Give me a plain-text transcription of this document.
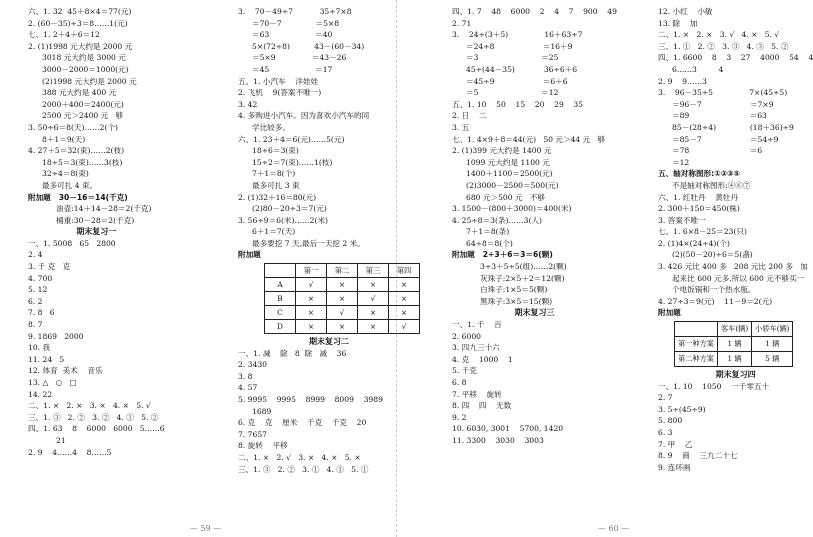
六、1. 32  45＋8×4＝77(元)
2. (60－35)÷3＝8……1(元)
七、1. 2＋4＋6＝12
2. (1)1998 元大约是 2000 元
3018 元大约是 3000 元
3000－2000＝1000(元)
(2)1998 元大约是 2000 元
388 元大约是 400 元
2000＋400＝2400(元)
2500 元＞2400 元   够
3. 50÷6＝8(天)……2(个)
8＋1＝9(天)
4. 27＋5＝32(束)……2(枝)
18÷5＝3(束)……3(枝)
32÷4＝8(束)
最多可扎 4 束。
附加题   30－16＝14(千克)
油壶:14＋14－28＝2(千克)
桶重:30－28＝2(千克)
期末复习一
一、1. 5008   65   2800
2. 4
3. 千 克   克
4. 700
5. 12
6. 2
7. 8   6
8. 7
9. 1869   2000
10. 我
11. 24   5
12. 体育  美术    音乐
13. △   ○   □
14. 22
二、1. ×   2. ×   3. ×   4. ×   5. √
三、1. ③   2. ②   3. ②   4. ①   5. ②
四、1. 63    8    6000   6000   5……6
21
2. 9    4……4    8……5
3.    70－49÷7           35÷7×8
＝70－7              ＝5×8
＝63                   ＝40
5×(72÷8)          43－(60－34)
＝5×9               ＝43－26
＝45                   ＝17
五、1. 小汽车    洋娃娃
2. 飞机    9(答案不唯一)
3. 42
4. 多购进小汽车。因为喜欢小汽车的同
学比较多。
六、1. 23＋4＝6(元)……5(元)
18÷6＝3(束)
15÷2＝7(束)……1(枝)
7＋1＝8(个)
最多可扎 3 束
2. (1)32＋16＝80(元)
(2)80－20÷3＝7(元)
3. 56÷9＝6(米)……2(米)
6＋1＝7(天)
最多要挖 7 天,最后一天挖 2 米。
附加题
	第一	第二	第三	第四
A	√	×	×	×
B	×	×	√	×
C	×	√	×	×
D	×	×	×	√
期末复习二
一、1. 减    除   8  除   减    36
2. 3430
3. 8
4. 57
5. 9995    9995    8999    8009    3989
1689
6. 克    克    厘米    千克    千克    20
7. 7657
8. 旋转    平移
二、1. ×   2. √   3. ×   4. ×   5. ×
三、1. ③   2. ②   3. ①   4. ①   5. ①
四、1. 7    48    6000    2    4    7    900    49
2. 71
3.    24÷(3＋5)               16＋63÷7
＝24÷8                    ＝16＋9
＝3                          ＝25
45÷(44－35)            36÷6＋6
＝45÷9                    ＝6＋6
＝5                          ＝12
五、1. 10    50    15    20    29    35
2. 日    二
3. 五
七、1. 4×9＋8＝44(元)   50 元＞44 元   够
2. (1)399 元大约是 1400 元
1099 元大约是 1100 元
1400＋1100＝2500(元)
(2)3000－2500＝500(元)
680 元＞500 元   不够
3. 1500－(800＋3000)＝400(米)
4. 25÷8＝3(条)……3(人)
7＋1＝8(条)
64÷8＝8(个)
附加题   2÷3＋6＝3＝6(颗)
3÷3＋5÷5(组)……2(颗)
灰珠子:2×5＋2＝12(颗)
白珠子:1×5＝5(颗)
黑珠子:3×5＝15(颗)
期末复习三
一、1. 千    百
2. 6000
3. 四九三十六
4. 克    1000    1
5. 千克
6. 8
7. 平移    旋转
8. 四    四    无数
9. 2
10. 6030, 3001    5700, 1420
11. 3300    3030    3003
12. 小红    小敏
13. 除    加
二、1. ×   2. ×   3. √   4. ×   5. √
三、1. ①   2. ②   3. ③   4. ③   5. ②
四、1. 6600    8    3    27    4000    54    4
6……3         4
2. 9    9……3
3.    96－35÷5               7×(45÷5)
＝96－7                    ＝7×9
＝89                         ＝63
85－(28÷4)              (18＋36)÷9
＝85－7                    ＝54÷9
＝78                         ＝6
＝12
五、轴对称图形:①②③⑤
不是轴对称图形:④⑥⑦
六、1. 红牡丹    黄牡丹
2. 300＋150＝450(株)
3. 答案不唯一
七、1. 6×8－25＝23(只)
2. (1)4×(24÷4)(个)
(2)(50－20)÷6＝5(盏)
3. 426 元比 400 多   208 元比 200 多   加
起来比 600 元多,所以 600 元不够买一
个电饭锅和一个热水瓶。
4. 27÷3＝9(元)    11－9＝2(元)
附加题
	客车(辆)	小轿车(辆)
第一种方案	1 辆	1 辆
第二种方案	1 辆	5 辆
期末复习四
一、1. 10    1050    一千零五十
2. 7
3. 5÷(45÷9)
5. 800
6. 3
7. 甲    乙
8. 9    商    三九二十七
9. 连环画
— 59 —	— 60 —
